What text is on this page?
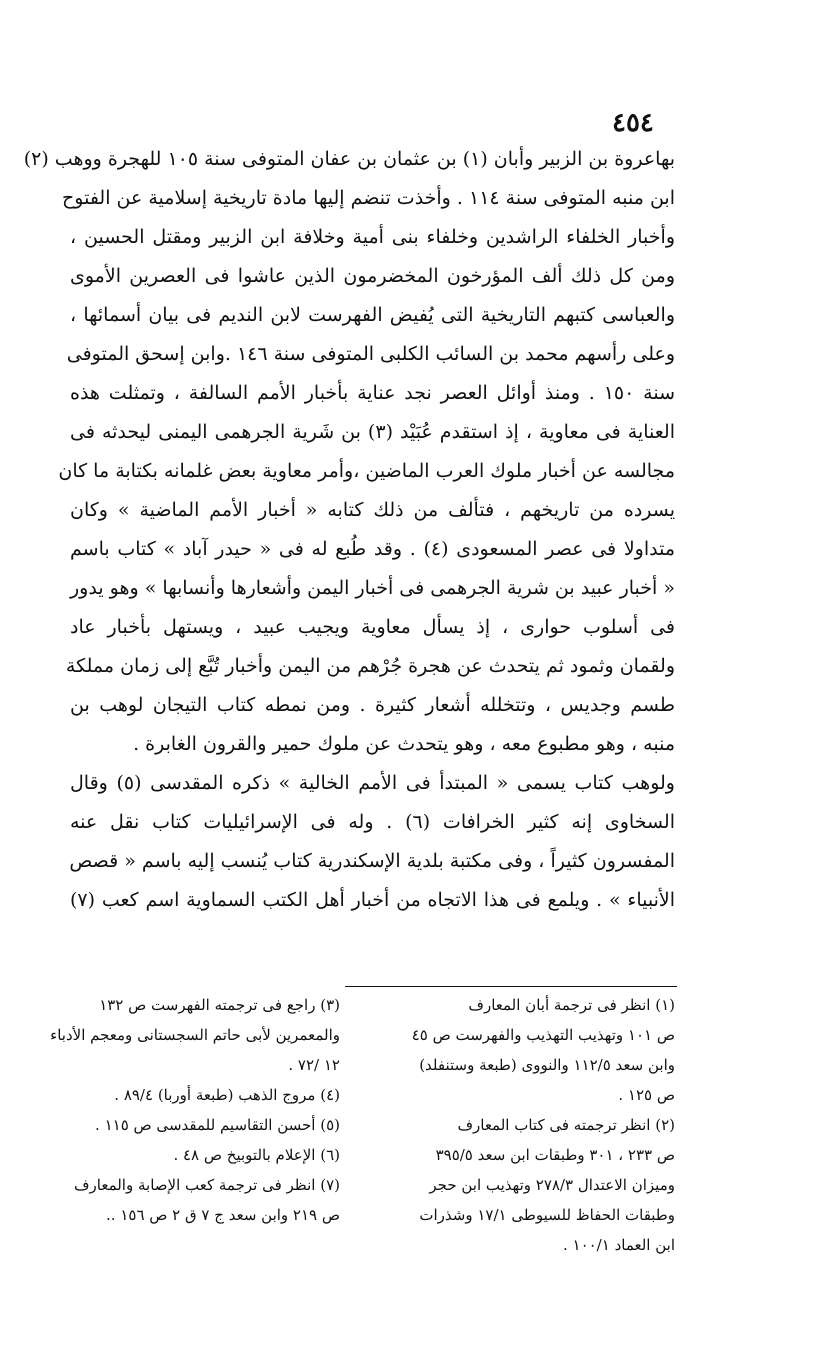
٤٥٤
بهاعروة بن الزبير وأبان (١) بن عثمان بن عفان المتوفى سنة ١٠٥ للهجرة ووهب (٢)
ابن منبه المتوفى سنة ١١٤ . وأخذت تنضم إليها مادة تاريخية إسلامية عن الفتوح
وأخبار الخلفاء الراشدين وخلفاء بنى أمية وخلافة ابن الزبير ومقتل الحسين ،
ومن كل ذلك ألف المؤرخون المخضرمون الذين عاشوا فى العصرين الأموى
والعباسى كتبهم التاريخية التى يُفيض الفهرست لابن النديم فى بيان أسمائها ،
وعلى رأسهم محمد بن السائب الكلبى المتوفى سنة ١٤٦ .وابن إسحق المتوفى
سنة ١٥٠ . ومنذ أوائل العصر نجد عناية بأخبار الأمم السالفة ، وتمثلت هذه
العناية فى معاوية ، إذ استقدم عُبَيْد (٣) بن شَرية الجرهمى اليمنى ليحدثه فى
مجالسه عن أخبار ملوك العرب الماضين ،وأمر معاوية بعض غلمانه بكتابة ما كان
يسرده من تاريخهم ، فتألف من ذلك كتابه « أخبار الأمم الماضية » وكان
متداولا فى عصر المسعودى (٤) . وقد طُبع له فى « حيدر آباد » كتاب باسم
« أخبار عبيد بن شرية الجرهمى فى أخبار اليمن وأشعارها وأنسابها » وهو يدور
فى أسلوب حوارى ، إذ يسأل معاوية ويجيب عبيد ، ويستهل بأخبار عاد
ولقمان وثمود ثم يتحدث عن هجرة جُرْهم من اليمن وأخبار تُبَّع إلى زمان مملكة
طسم وجديس ، وتتخلله أشعار كثيرة . ومن نمطه كتاب التيجان لوهب بن
منبه ، وهو مطبوع معه ، وهو يتحدث عن ملوك حمير والقرون الغابرة .
ولوهب كتاب يسمى « المبتدأ فى الأمم الخالية » ذكره المقدسى (٥) وقال
السخاوى إنه كثير الخرافات (٦) . وله فى الإسرائيليات كتاب نقل عنه
المفسرون كثيراً ، وفى مكتبة بلدية الإسكندرية كتاب يُنسب إليه باسم « قصص
الأنبياء » . ويلمع فى هذا الاتجاه من أخبار أهل الكتب السماوية اسم كعب (٧)
(١) انظر فى ترجمة أبان المعارف
ص ١٠١ وتهذيب التهذيب والفهرست ص ٤٥
وابن سعد ١١٢/٥ والنووى (طبعة وستنفلد)
ص ١٢٥ .
(٢) انظر ترجمته فى كتاب المعارف
ص ٢٣٣ ، ٣٠١ وطبقات ابن سعد ٣٩٥/٥
وميزان الاعتدال ٢٧٨/٣ وتهذيب ابن حجر
وطبقات الحفاظ للسيوطى ١٧/١ وشذرات
ابن العماد ١٠٠/١ .
(٣) راجع فى ترجمته الفهرست ص ١٣٢
والمعمرين لأبى حاتم السجستانى ومعجم الأدباء
١٢ /٧٢ .
(٤) مروج الذهب (طبعة أوربا) ٨٩/٤ .
(٥) أحسن التقاسيم للمقدسى ص ١١٥ .
(٦) الإعلام بالتوبيخ ص ٤٨ .
(٧) انظر فى ترجمة كعب الإصابة والمعارف
ص ٢١٩ وابن سعد ج ٧ ق ٢ ص ١٥٦ ..
